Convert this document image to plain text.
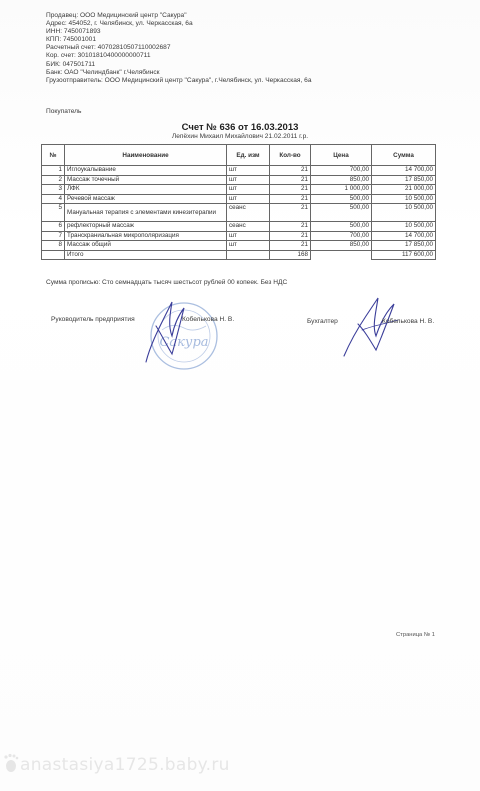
Продавец: ООО Медицинский центр "Сакура"
Адрес: 454052, г. Челябинск, ул. Черкасская, 6а
ИНН: 7450071893
КПП: 745001001
Расчетный счет: 40702810507110002687
Кор. счет: 30101810400000000711
БИК: 047501711
Банк: ОАО "Челиндбанк" г.Челябинск
Грузоотправитель: ООО Медицинский центр "Сакура", г.Челябинск, ул. Черкасская, 6а
Покупатель
Счет № 636 от 16.03.2013
Лепёхин Михаил Михайлович 21.02.2011 г.р.
№	Наименование	Ед. изм	Кол-во	Цена	Сумма
1	Иглоукалывание	шт	21	700,00	14 700,00
2	Массаж точечный	шт	21	850,00	17 850,00
3	ЛФК	шт	21	1 000,00	21 000,00
4	Речевой массаж	шт	21	500,00	10 500,00
5	Мануальная терапия с элементами кинезитерапии	сеанс	21	500,00	10 500,00
6	рефлекторный массаж	сеанс	21	500,00	10 500,00
7	Транскраниальная микрополяризация	шт	21	700,00	14 700,00
8	Массаж общий	шт	21	850,00	17 850,00
	Итого		168		117 600,00
Сумма прописью: Сто семнадцать тысяч шестьсот рублей 00 копеек. Без НДС
Сакура
Руководитель предприятия	Кобелькова Н. В.	Бухгалтер	Кобелькова Н. В.
Страница № 1
anastasiya1725.baby.ru
